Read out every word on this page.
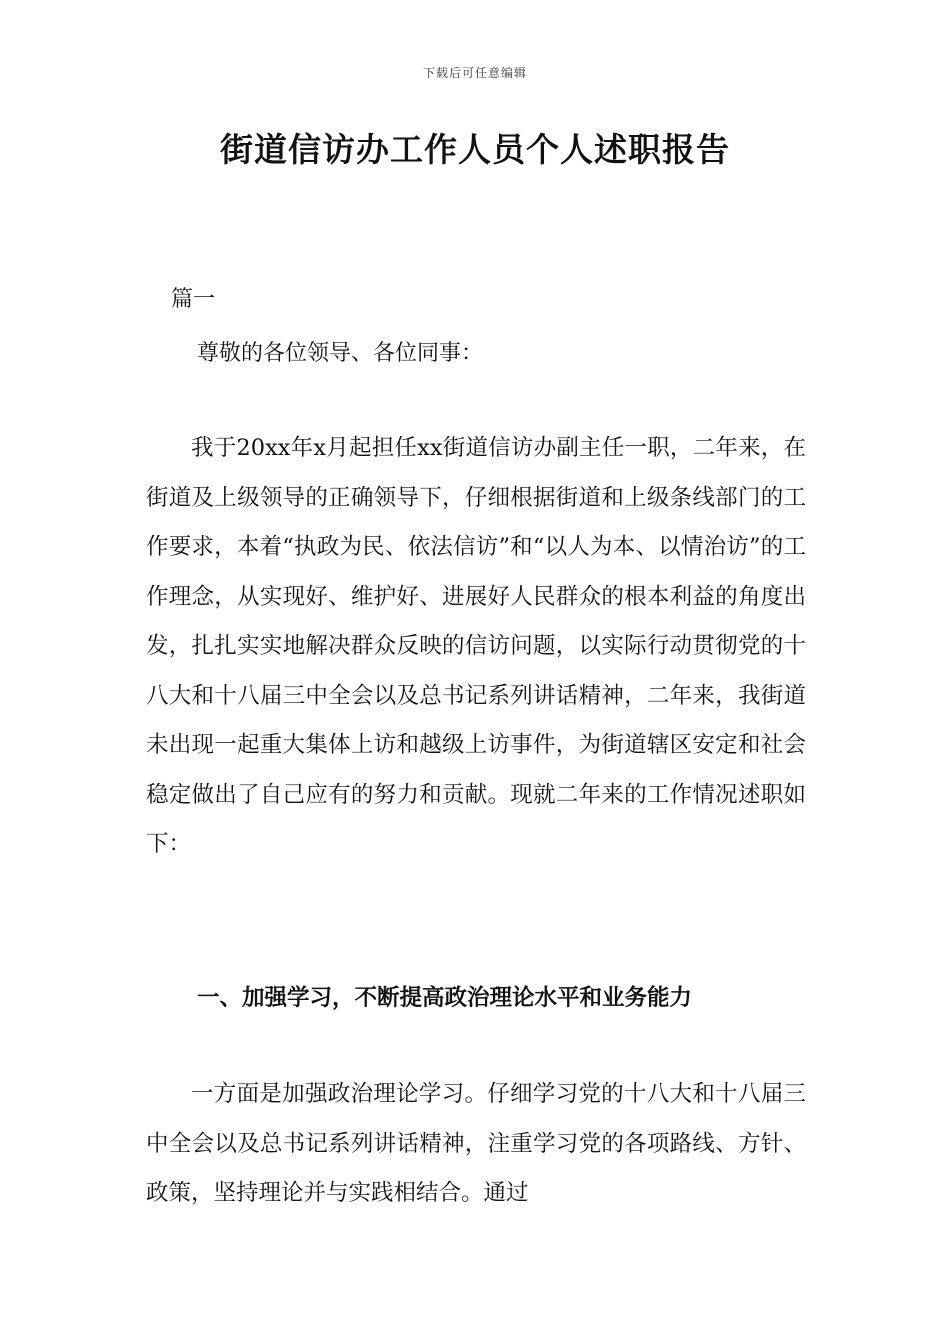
下载后可任意编辑
街道信访办工作人员个人述职报告
篇一
尊敬的各位领导、各位同事：

我于20xx年x月起担任xx街道信访办副主任一职，二年来，在街道及上级领导的正确领导下，仔细根据街道和上级条线部门的工作要求，本着“执政为民、依法信访”和“以人为本、以情治访”的工作理念，从实现好、维护好、进展好人民群众的根本利益的角度出发，扎扎实实地解决群众反映的信访问题，以实际行动贯彻党的十八大和十八届三中全会以及总书记系列讲话精神，二年来，我街道未出现一起重大集体上访和越级上访事件，为街道辖区安定和社会稳定做出了自己应有的努力和贡献。现就二年来的工作情况述职如下：

一、加强学习，不断提高政治理论水平和业务能力

一方面是加强政治理论学习。仔细学习党的十八大和十八届三中全会以及总书记系列讲话精神，注重学习党的各项路线、方针、政策，坚持理论并与实践相结合。通过
